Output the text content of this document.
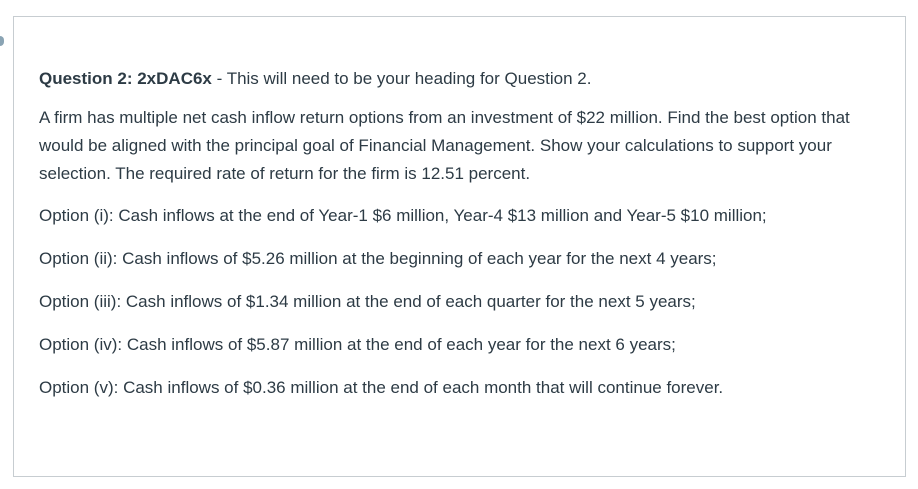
Question 2: 2xDAC6x - This will need to be your heading for Question 2.

A firm has multiple net cash inflow return options from an investment of $22 million. Find the best option that would be aligned with the principal goal of Financial Management. Show your calculations to support your selection. The required rate of return for the firm is 12.51 percent.

Option (i): Cash inflows at the end of Year-1 $6 million, Year-4 $13 million and Year-5 $10 million;

Option (ii): Cash inflows of $5.26 million at the beginning of each year for the next 4 years;

Option (iii): Cash inflows of $1.34 million at the end of each quarter for the next 5 years;

Option (iv): Cash inflows of $5.87 million at the end of each year for the next 6 years;

Option (v): Cash inflows of $0.36 million at the end of each month that will continue forever.
